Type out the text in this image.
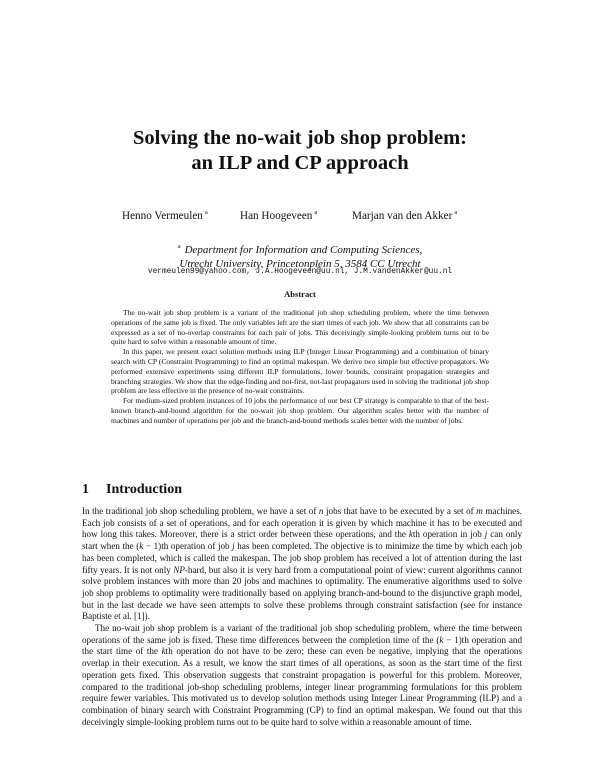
Solving the no-wait job shop problem:
an ILP and CP approach
Henno Vermeulen $^a$	Han Hoogeveen $^a$	Marjan van den Akker $^a$
$^a$ Department for Information and Computing Sciences,
Utrecht University, Princetonplein 5, 3584 CC Utrecht
vermeulen99@yahoo.com, J.A.Hoogeveen@uu.nl, J.M.vandenAkker@uu.nl
Abstract

The no-wait job shop problem is a variant of the traditional job shop scheduling problem, where the time between operations of the same job is fixed. The only variables left are the start times of each job. We show that all constraints can be expressed as a set of no-overlap constraints for each pair of jobs. This deceivingly simple-looking problem turns out to be quite hard to solve within a reasonable amount of time.

In this paper, we present exact solution methods using ILP (Integer Linear Programming) and a combination of binary search with CP (Constraint Programming) to find an optimal makespan. We derive two simple but effective propagators. We performed extensive experiments using different ILP formulations, lower bounds, constraint propagation strategies and branching strategies. We show that the edge-finding and not-first, not-last propagators used in solving the traditional job shop problem are less effective in the presence of no-wait constraints.

For medium-sized problem instances of 10 jobs the performance of our best CP strategy is comparable to that of the best-known branch-and-bound algorithm for the no-wait job shop problem. Our algorithm scales better with the number of machines and number of operations per job and the branch-and-bound methods scales better with the number of jobs.

1 Introduction

In the traditional job shop scheduling problem, we have a set of n jobs that have to be executed by a set of m machines. Each job consists of a set of operations, and for each operation it is given by which machine it has to be executed and how long this takes. Moreover, there is a strict order between these operations, and the kth operation in job j can only start when the (k − 1)th operation of job j has been completed. The objective is to minimize the time by which each job has been completed, which is called the makespan. The job shop problem has received a lot of attention during the last fifty years. It is not only NP-hard, but also it is very hard from a computational point of view: current algorithms cannot solve problem instances with more than 20 jobs and machines to optimality. The enumerative algorithms used to solve job shop problems to optimality were traditionally based on applying branch-and-bound to the disjunctive graph model, but in the last decade we have seen attempts to solve these problems through constraint satisfaction (see for instance Baptiste et al. [1]).

The no-wait job shop problem is a variant of the traditional job shop scheduling problem, where the time between operations of the same job is fixed. These time differences between the completion time of the (k − 1)th operation and the start time of the kth operation do not have to be zero; these can even be negative, implying that the operations overlap in their execution. As a result, we know the start times of all operations, as soon as the start time of the first operation gets fixed. This observation suggests that constraint propagation is powerful for this problem. Moreover, compared to the traditional job-shop scheduling problems, integer linear programming formulations for this problem require fewer variables. This motivated us to develop solution methods using Integer Linear Programming (ILP) and a combination of binary search with Constraint Programming (CP) to find an optimal makespan. We found out that this deceivingly simple-looking problem turns out to be quite hard to solve within a reasonable amount of time.
